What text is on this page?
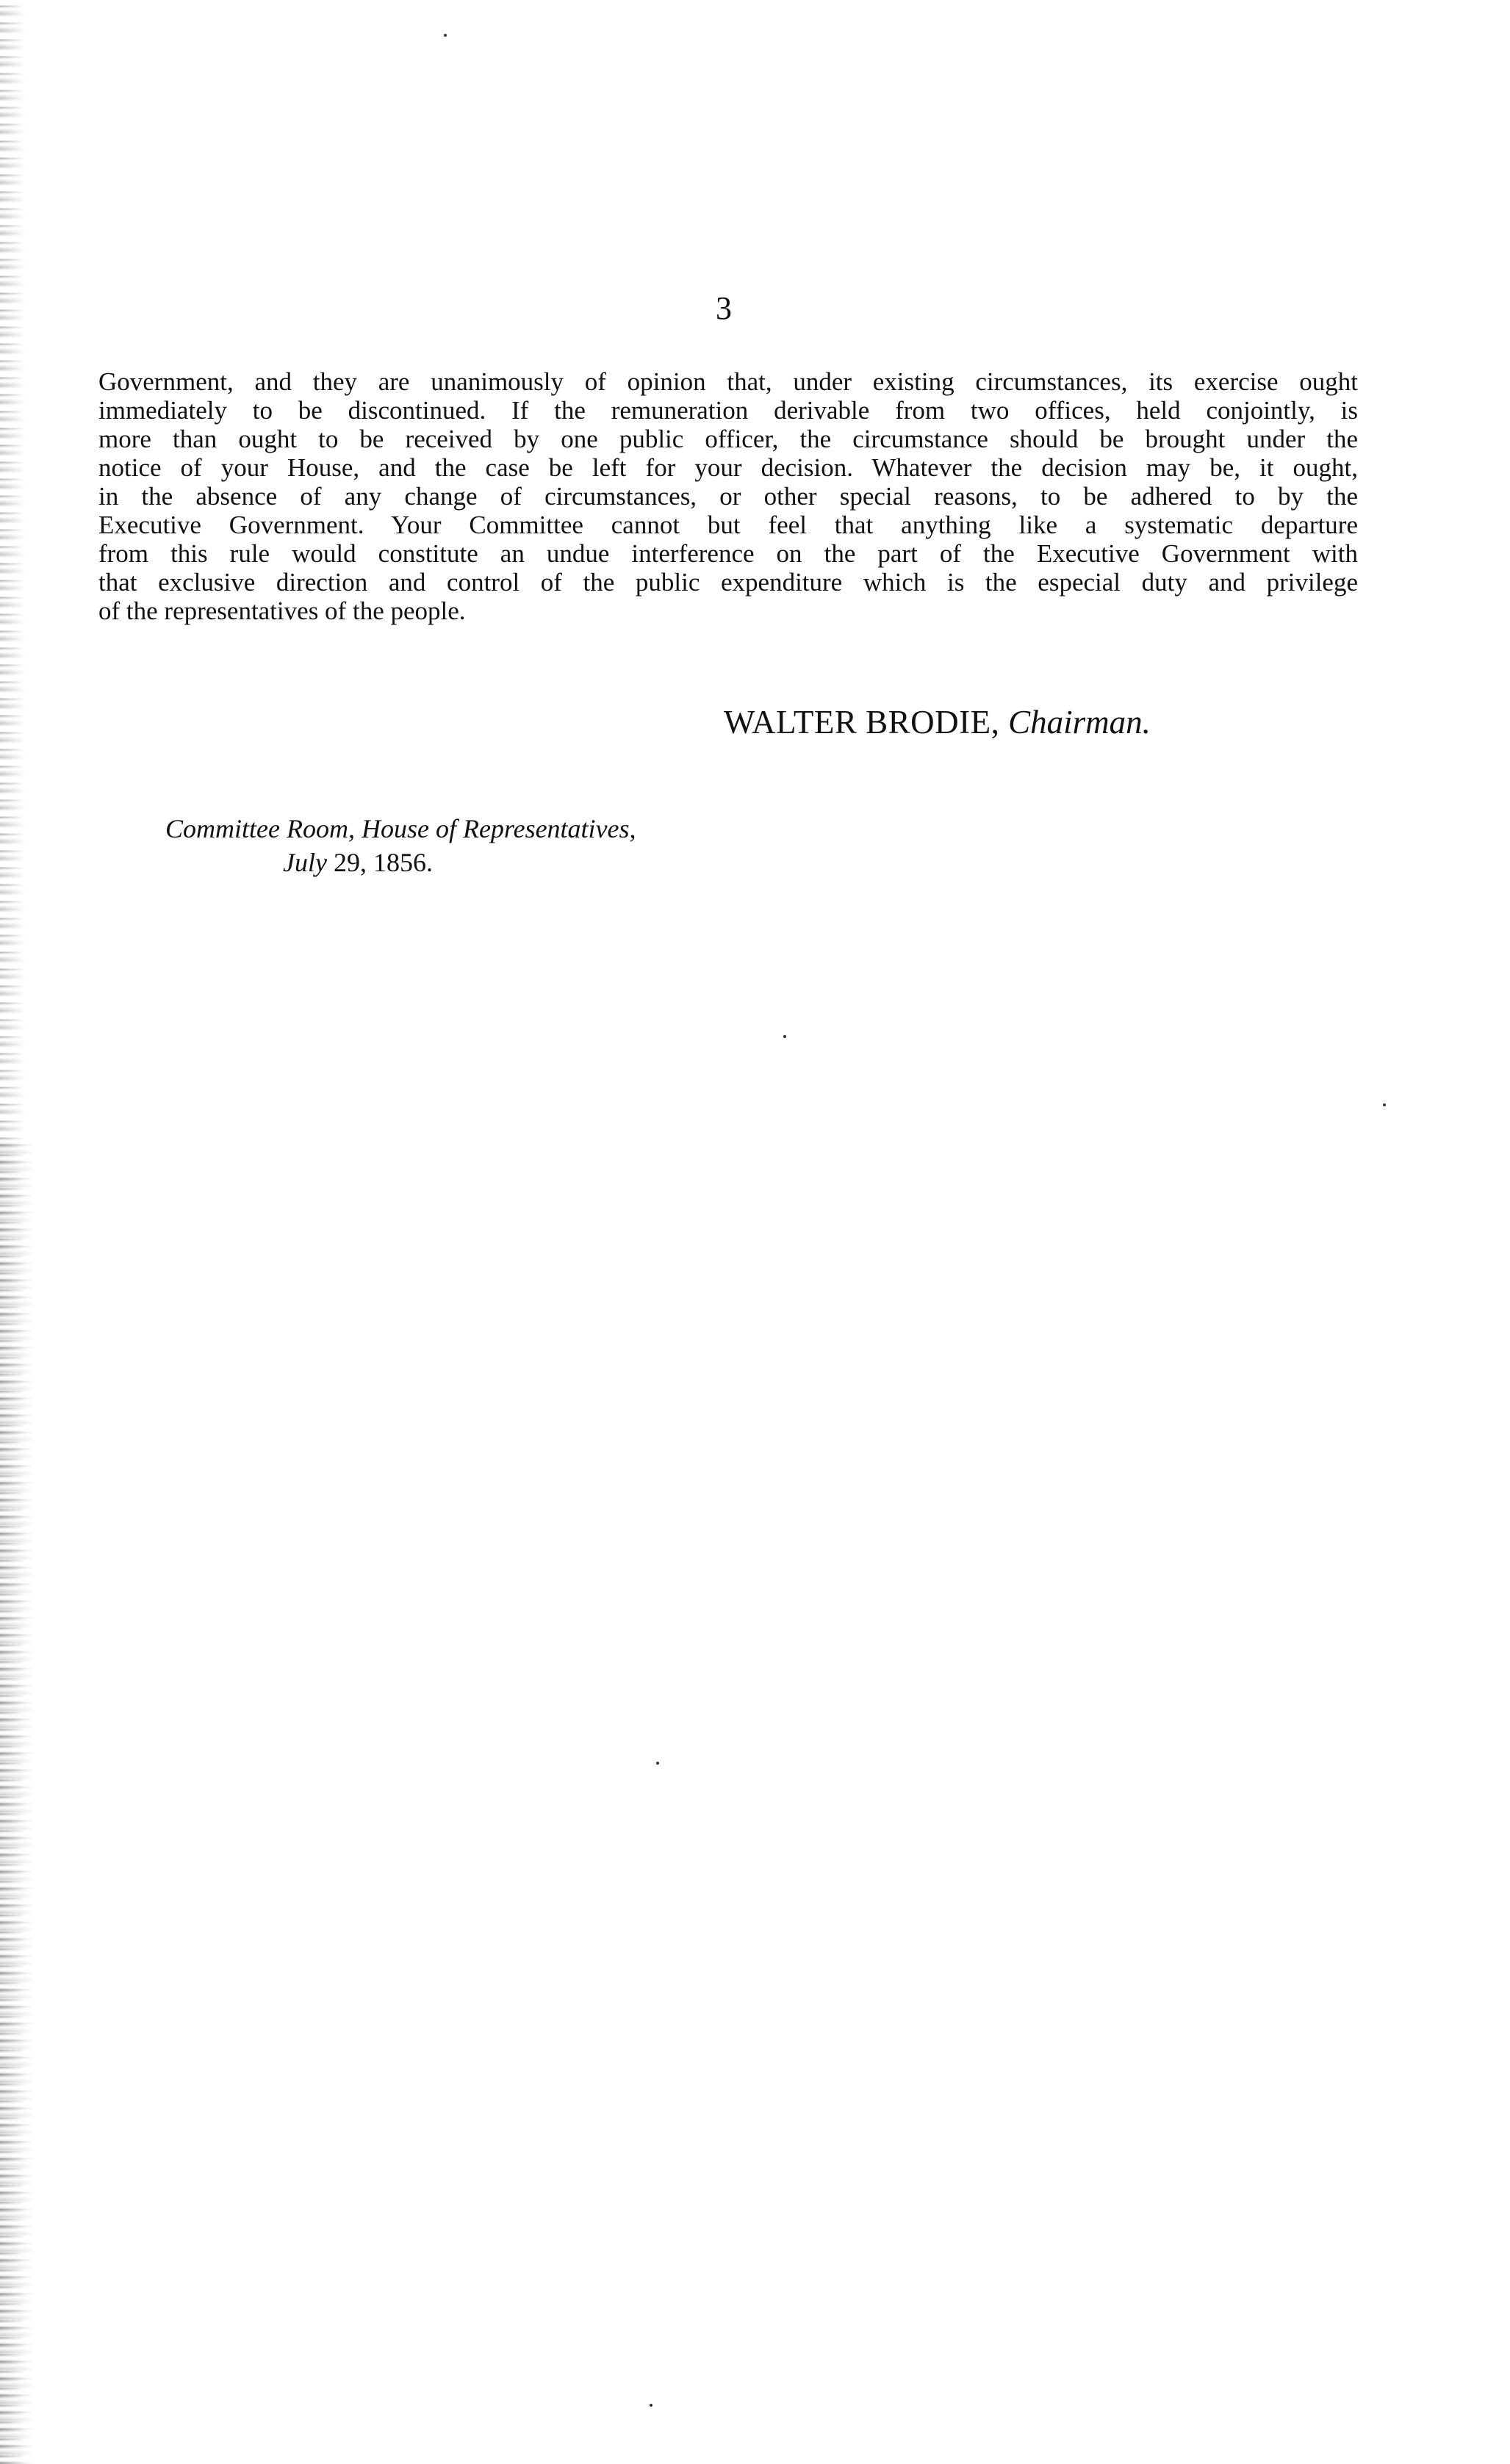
3
Government, and they are unanimously of opinion that, under existing circumstances, its exercise ought
immediately to be discontinued. If the remuneration derivable from two offices, held conjointly, is
more than ought to be received by one public officer, the circumstance should be brought under the
notice of your House, and the case be left for your decision. Whatever the decision may be, it ought,
in the absence of any change of circumstances, or other special reasons, to be adhered to by the
Executive Government. Your Committee cannot but feel that anything like a systematic departure
from this rule would constitute an undue interference on the part of the Executive Government with
that exclusive direction and control of the public expenditure which is the especial duty and privilege
of the representatives of the people.
WALTER BRODIE, Chairman.
Committee Room, House of Representatives,
July 29, 1856.
